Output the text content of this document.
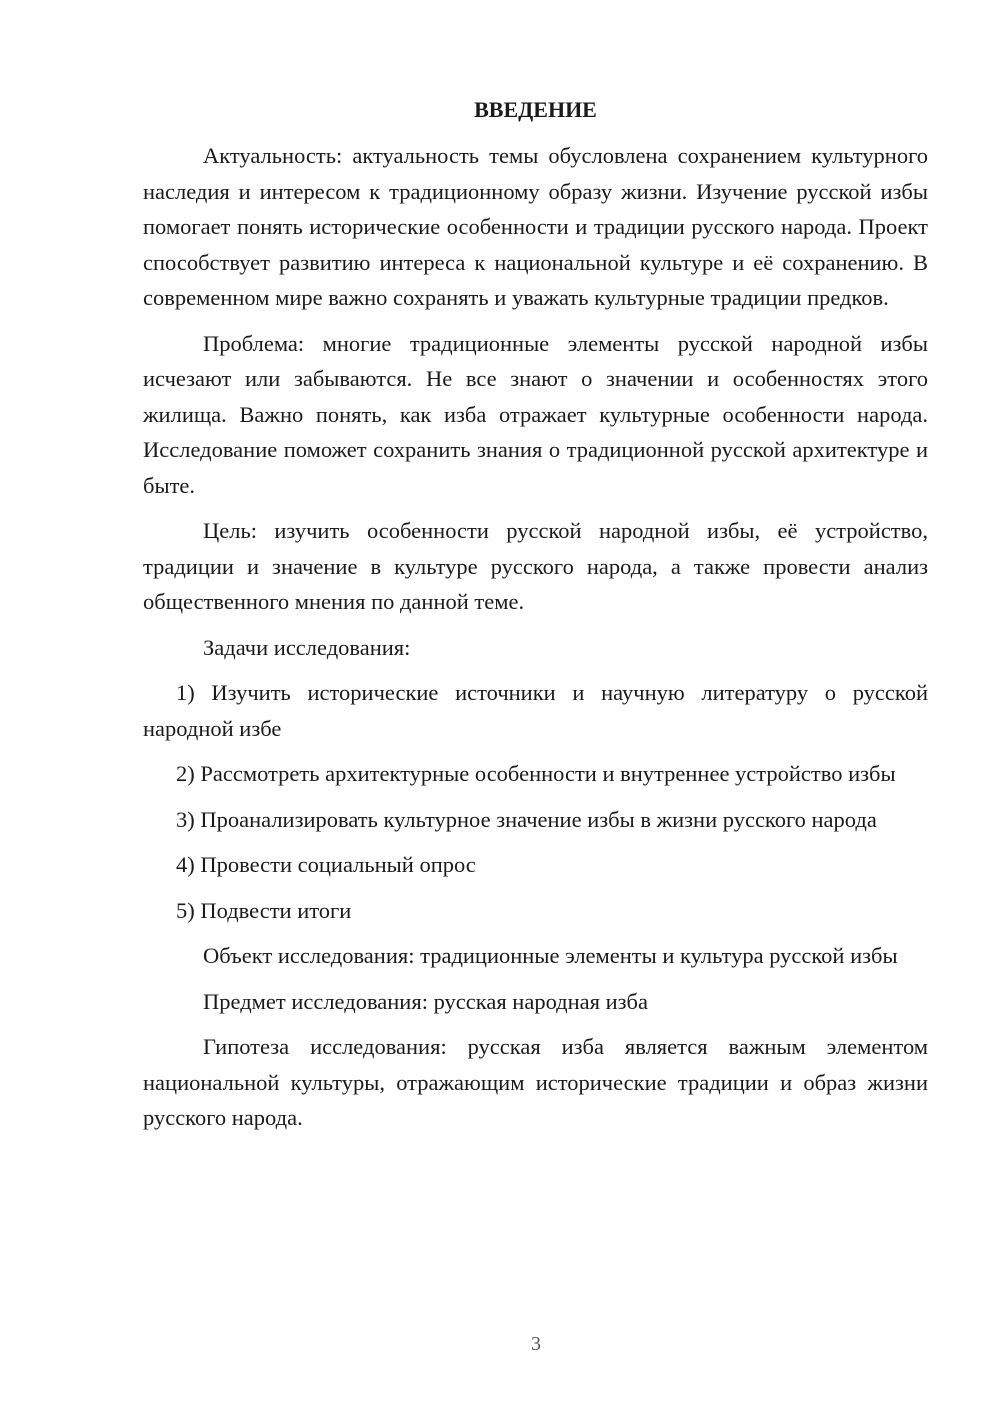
ВВЕДЕНИЕ

Актуальность: актуальность темы обусловлена сохранением культурного наследия и интересом к традиционному образу жизни. Изучение русской избы помогает понять исторические особенности и традиции русского народа. Проект способствует развитию интереса к национальной культуре и её сохранению. В современном мире важно сохранять и уважать культурные традиции предков.

Проблема: многие традиционные элементы русской народной избы исчезают или забываются. Не все знают о значении и особенностях этого жилища. Важно понять, как изба отражает культурные особенности народа. Исследование поможет сохранить знания о традиционной русской архитектуре и быте.

Цель: изучить особенности русской народной избы, её устройство, традиции и значение в культуре русского народа, а также провести анализ общественного мнения по данной теме.

Задачи исследования:

1) Изучить исторические источники и научную литературу о русской народной избе

2) Рассмотреть архитектурные особенности и внутреннее устройство избы

3) Проанализировать культурное значение избы в жизни русского народа

4) Провести социальный опрос

5) Подвести итоги

Объект исследования: традиционные элементы и культура русской избы

Предмет исследования: русская народная изба

Гипотеза исследования: русская изба является важным элементом национальной культуры, отражающим исторические традиции и образ жизни русского народа.

3
